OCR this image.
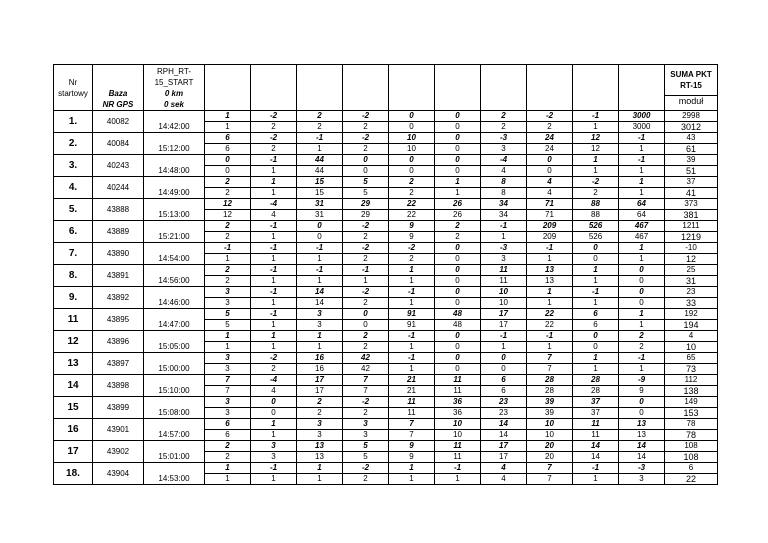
Nr
startowy	Baza
NR GPS	RPH_RT-
15_START
0 km
0 sek											SUMA PKT
RT-15
moduł

1.	40082		1	-2	2	-2	0	0	2	-2	-1	3000	2998
		14:42:00	1	2	2	2	0	0	2	2	1	3000	3012
2.	40084		6	-2	-1	-2	10	0	-3	24	12	-1	43
		15:12:00	6	2	1	2	10	0	3	24	12	1	61
3.	40243		0	-1	44	0	0	0	-4	0	1	-1	39
		14:48:00	0	1	44	0	0	0	4	0	1	1	51
4.	40244		2	1	15	5	2	1	8	4	-2	1	37
		14:49:00	2	1	15	5	2	1	8	4	2	1	41
5.	43888		12	-4	31	29	22	26	34	71	88	64	373
		15:13:00	12	4	31	29	22	26	34	71	88	64	381
6.	43889		2	-1	0	-2	9	2	-1	209	526	467	1211
		15:21:00	2	1	0	2	9	2	1	209	526	467	1219
7.	43890		-1	-1	-1	-2	-2	0	-3	-1	0	1	-10
		14:54:00	1	1	1	2	2	0	3	1	0	1	12
8.	43891		2	-1	-1	-1	1	0	11	13	1	0	25
		14:56:00	2	1	1	1	1	0	11	13	1	0	31
9.	43892		3	-1	14	-2	-1	0	10	1	-1	0	23
		14:46:00	3	1	14	2	1	0	10	1	1	0	33
11	43895		5	-1	3	0	91	48	17	22	6	1	192
		14:47:00	5	1	3	0	91	48	17	22	6	1	194
12	43896		1	1	1	2	-1	0	-1	-1	0	2	4
		15:05:00	1	1	1	2	1	0	1	1	0	2	10
13	43897		3	-2	16	42	-1	0	0	7	1	-1	65
		15:00:00	3	2	16	42	1	0	0	7	1	1	73
14	43898		7	-4	17	7	21	11	6	28	28	-9	112
		15:10:00	7	4	17	7	21	11	6	28	28	9	138
15	43899		3	0	2	-2	11	36	23	39	37	0	149
		15:08:00	3	0	2	2	11	36	23	39	37	0	153
16	43901		6	1	3	3	7	10	14	10	11	13	78
		14:57:00	6	1	3	3	7	10	14	10	11	13	78
17	43902		2	3	13	5	9	11	17	20	14	14	108
		15:01:00	2	3	13	5	9	11	17	20	14	14	108
18.	43904		1	-1	1	-2	1	-1	4	7	-1	-3	6
		14:53:00	1	1	1	2	1	1	4	7	1	3	22
